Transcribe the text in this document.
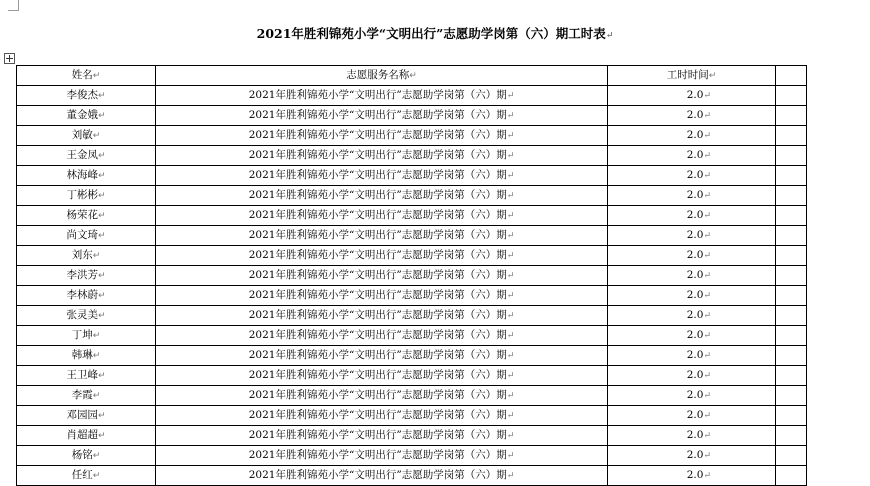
2021年胜利锦苑小学“文明出行”志愿助学岗第（六）期工时表↵
姓名↵	志愿服务名称↵	工时时间↵	
李俊杰↵	2021年胜利锦苑小学“文明出行”志愿助学岗第（六）期↵	2.0↵	
董金娥↵	2021年胜利锦苑小学“文明出行”志愿助学岗第（六）期↵	2.0↵	
刘敏↵	2021年胜利锦苑小学“文明出行”志愿助学岗第（六）期↵	2.0↵	
王金凤↵	2021年胜利锦苑小学“文明出行”志愿助学岗第（六）期↵	2.0↵	
林海峰↵	2021年胜利锦苑小学“文明出行”志愿助学岗第（六）期↵	2.0↵	
丁彬彬↵	2021年胜利锦苑小学“文明出行”志愿助学岗第（六）期↵	2.0↵	
杨荣花↵	2021年胜利锦苑小学“文明出行”志愿助学岗第（六）期↵	2.0↵	
尚文琦↵	2021年胜利锦苑小学“文明出行”志愿助学岗第（六）期↵	2.0↵	
刘东↵	2021年胜利锦苑小学“文明出行”志愿助学岗第（六）期↵	2.0↵	
李洪芳↵	2021年胜利锦苑小学“文明出行”志愿助学岗第（六）期↵	2.0↵	
李林蔚↵	2021年胜利锦苑小学“文明出行”志愿助学岗第（六）期↵	2.0↵	
张灵美↵	2021年胜利锦苑小学“文明出行”志愿助学岗第（六）期↵	2.0↵	
丁坤↵	2021年胜利锦苑小学“文明出行”志愿助学岗第（六）期↵	2.0↵	
韩琳↵	2021年胜利锦苑小学“文明出行”志愿助学岗第（六）期↵	2.0↵	
王卫峰↵	2021年胜利锦苑小学“文明出行”志愿助学岗第（六）期↵	2.0↵	
李霞↵	2021年胜利锦苑小学“文明出行”志愿助学岗第（六）期↵	2.0↵	
邓园园↵	2021年胜利锦苑小学“文明出行”志愿助学岗第（六）期↵	2.0↵	
肖超超↵	2021年胜利锦苑小学“文明出行”志愿助学岗第（六）期↵	2.0↵	
杨铭↵	2021年胜利锦苑小学“文明出行”志愿助学岗第（六）期↵	2.0↵	
任红↵	2021年胜利锦苑小学“文明出行”志愿助学岗第（六）期↵	2.0↵	
